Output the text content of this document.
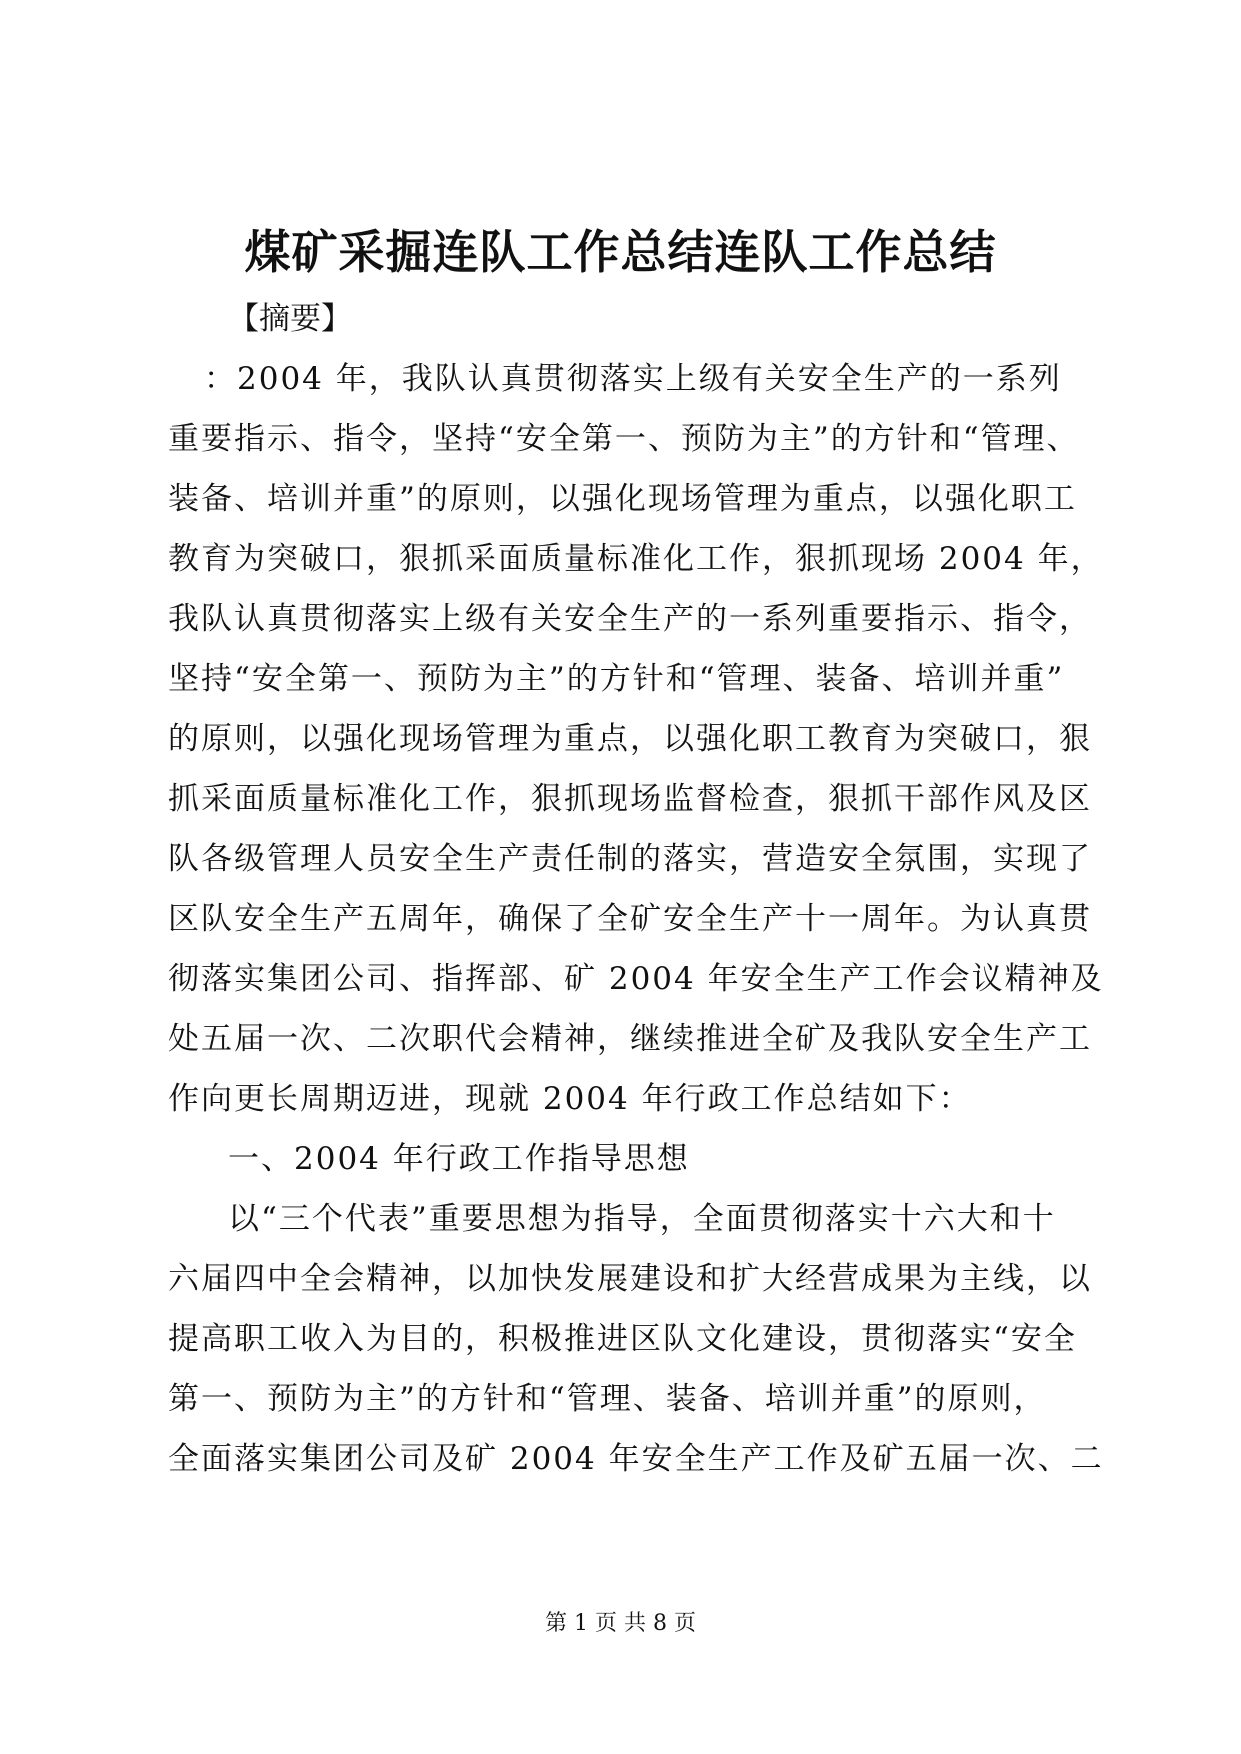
煤矿采掘连队工作总结连队工作总结
【摘要】
：2004 年，我队认真贯彻落实上级有关安全生产的一系列
重要指示、指令，坚持“安全第一、预防为主”的方针和“管理、
装备、培训并重”的原则，以强化现场管理为重点，以强化职工
教育为突破口，狠抓采面质量标准化工作，狠抓现场 2004 年，
我队认真贯彻落实上级有关安全生产的一系列重要指示、指令，
坚持“安全第一、预防为主”的方针和“管理、装备、培训并重”
的原则，以强化现场管理为重点，以强化职工教育为突破口，狠
抓采面质量标准化工作，狠抓现场监督检查，狠抓干部作风及区
队各级管理人员安全生产责任制的落实，营造安全氛围，实现了
区队安全生产五周年，确保了全矿安全生产十一周年。为认真贯
彻落实集团公司、指挥部、矿 2004 年安全生产工作会议精神及
处五届一次、二次职代会精神，继续推进全矿及我队安全生产工
作向更长周期迈进，现就 2004 年行政工作总结如下：
一、2004 年行政工作指导思想
以“三个代表”重要思想为指导，全面贯彻落实十六大和十
六届四中全会精神，以加快发展建设和扩大经营成果为主线，以
提高职工收入为目的，积极推进区队文化建设，贯彻落实“安全
第一、预防为主”的方针和“管理、装备、培训并重”的原则，
全面落实集团公司及矿 2004 年安全生产工作及矿五届一次、二
第 1 页 共 8 页
